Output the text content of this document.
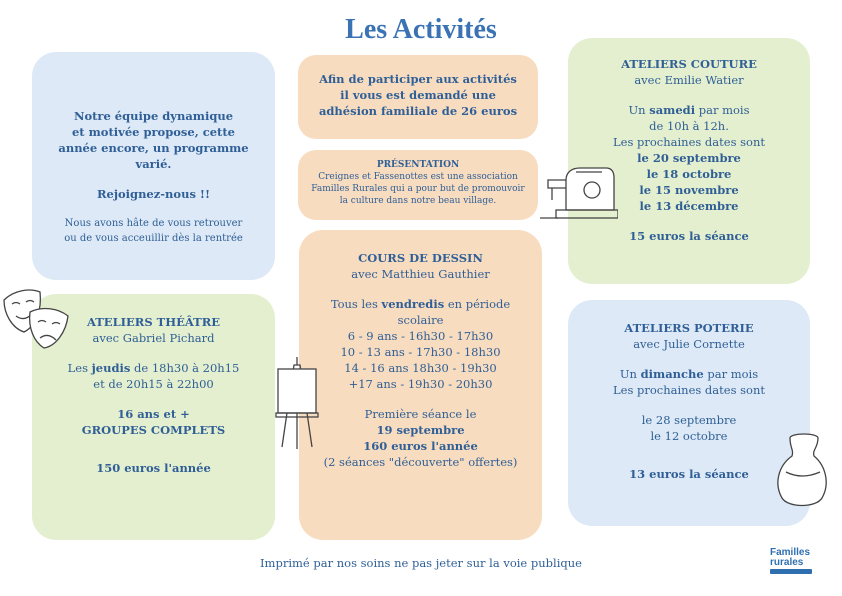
Les Activités
Notre équipe dynamique
et motivée propose, cette
année encore, un programme
varié.
Rejoignez-nous !!
Nous avons hâte de vous retrouver
ou de vous acceuillir dès la rentrée
Afin de participer aux activités
il vous est demandé une
adhésion familiale de 26 euros
PRÉSENTATION
Creignes et Fassenottes est une association
Familles Rurales qui a pour but de promouvoir
la culture dans notre beau village.
ATELIERS COUTURE
avec Emilie Watier
Un samedi par mois
de 10h à 12h.
Les prochaines dates sont
le 20 septembre
le 18 octobre
le 15 novembre
le 13 décembre
15 euros la séance
COURS DE DESSIN
avec Matthieu Gauthier
Tous les vendredis en période
scolaire
6 - 9 ans - 16h30 - 17h30
10 - 13 ans - 17h30 - 18h30
14 - 16 ans 18h30 - 19h30
+17 ans - 19h30 - 20h30
Première séance le
19 septembre
160 euros l'année
(2 séances "découverte" offertes)
ATELIERS THÉÂTRE
avec Gabriel Pichard
Les jeudis de 18h30 à 20h15
et de 20h15 à 22h00
16 ans et +
GROUPES COMPLETS
150 euros l'année
ATELIERS POTERIE
avec Julie Cornette
Un dimanche par mois
Les prochaines dates sont
le 28 septembre
le 12 octobre
13 euros la séance
Imprimé par nos soins ne pas jeter sur la voie publique
Familles
rurales
